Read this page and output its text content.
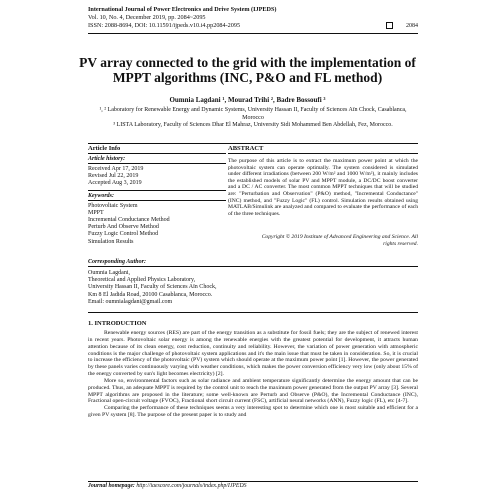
International Journal of Power Electronics and Drive System (IJPEDS)
Vol. 10, No. 4, December 2019, pp. 2084~2095
ISSN: 2088-8694, DOI: 10.11591/ijpeds.v10.i4.pp2084-2095	2084
PV array connected to the grid with the implementation of MPPT algorithms (INC, P&O and FL method)
Oumnia Lagdani ¹, Mourad Trihi ², Badre Bossoufi ³
¹, ² Laboratory for Renewable Energy and Dynamic Systems, University Hassan II, Faculty of Sciences Aïn Chock, Casablanca, Morocco
³ LISTA Laboratory, Faculty of Sciences Dhar El Mahraz, University Sidi Mohammed Ben Abdellah, Fez, Morocco.
Article Info
Article history:
Received Apr 17, 2019
Revised Jul 22, 2019
Accepted Aug 3, 2019
Keywords:
Photovoltaic System
MPPT
Incremental Conductance Method
Perturb And Observe Method
Fuzzy Logic Control Method
Simulation Results
ABSTRACT
The purpose of this article is to extract the maximum power point at which the photovoltaic system can operate optimally. The system considered is simulated under different irradiations (between 200 W/m² and 1000 W/m²), it mainly includes the established models of solar PV and MPPT module, a DC/DC boost converter and a DC / AC converter. The most common MPPT techniques that will be studied are: "Perturbation and Observation" (P&O) method, "Incremental Conductance" (INC) method, and "Fuzzy Logic" (FL) control. Simulation results obtained using MATLAB/Simulink are analyzed and compared to evaluate the performance of each of the three techniques.
Copyright © 2019 Institute of Advanced Engineering and Science. All rights reserved.
Corresponding Author:
Oumnia Lagdani,
Theoretical and Applied Physics Laboratory,
University Hassan II, Faculty of Sciences Aïn Chock,
Km 8 El Jadida Road, 20100 Casablanca, Morocco.
Email: oumnialagdani@gmail.com
1. INTRODUCTION

Renewable energy sources (RES) are part of the energy transition as a substitute for fossil fuels; they are the subject of renewed interest in recent years. Photovoltaic solar energy is among the renewable energies with the greatest potential for development, it attracts human attention because of its clean energy, cost reduction, continuity and reliability. However, the variation of power generation with atmospheric conditions is the major challenge of photovoltaic system applications and it's the main issue that must be taken in consideration. So, it is crucial to increase the efficiency of the photovoltaic (PV) system which should operate at the maximum power point [1]. However, the power generated by these panels varies continuously varying with weather conditions, which makes the power conversion efficiency very low (only about 15% of the energy converted by sun's light becomes electricity) [2].

More so, environmental factors such as solar radiance and ambient temperature significantly determine the energy amount that can be produced. Thus, an adequate MPPT is required by the control unit to reach the maximum power generated from the output PV array [3]. Several MPPT algorithms are proposed in the literature; some well-known are Perturb and Observe (P&O), the Incremental Conductance (INC), Fractional open-circuit voltage (FVOC), Fractional short circuit current (FSC), artificial neural networks (ANN), Fuzzy logic (FL), etc [4-7].

Comparing the performance of these techniques seems a very interesting spot to determine which one is most suitable and efficient for a given PV system [8]. The purpose of the present paper is to study and

Journal homepage: http://iaescore.com/journals/index.php/IJPEDS
